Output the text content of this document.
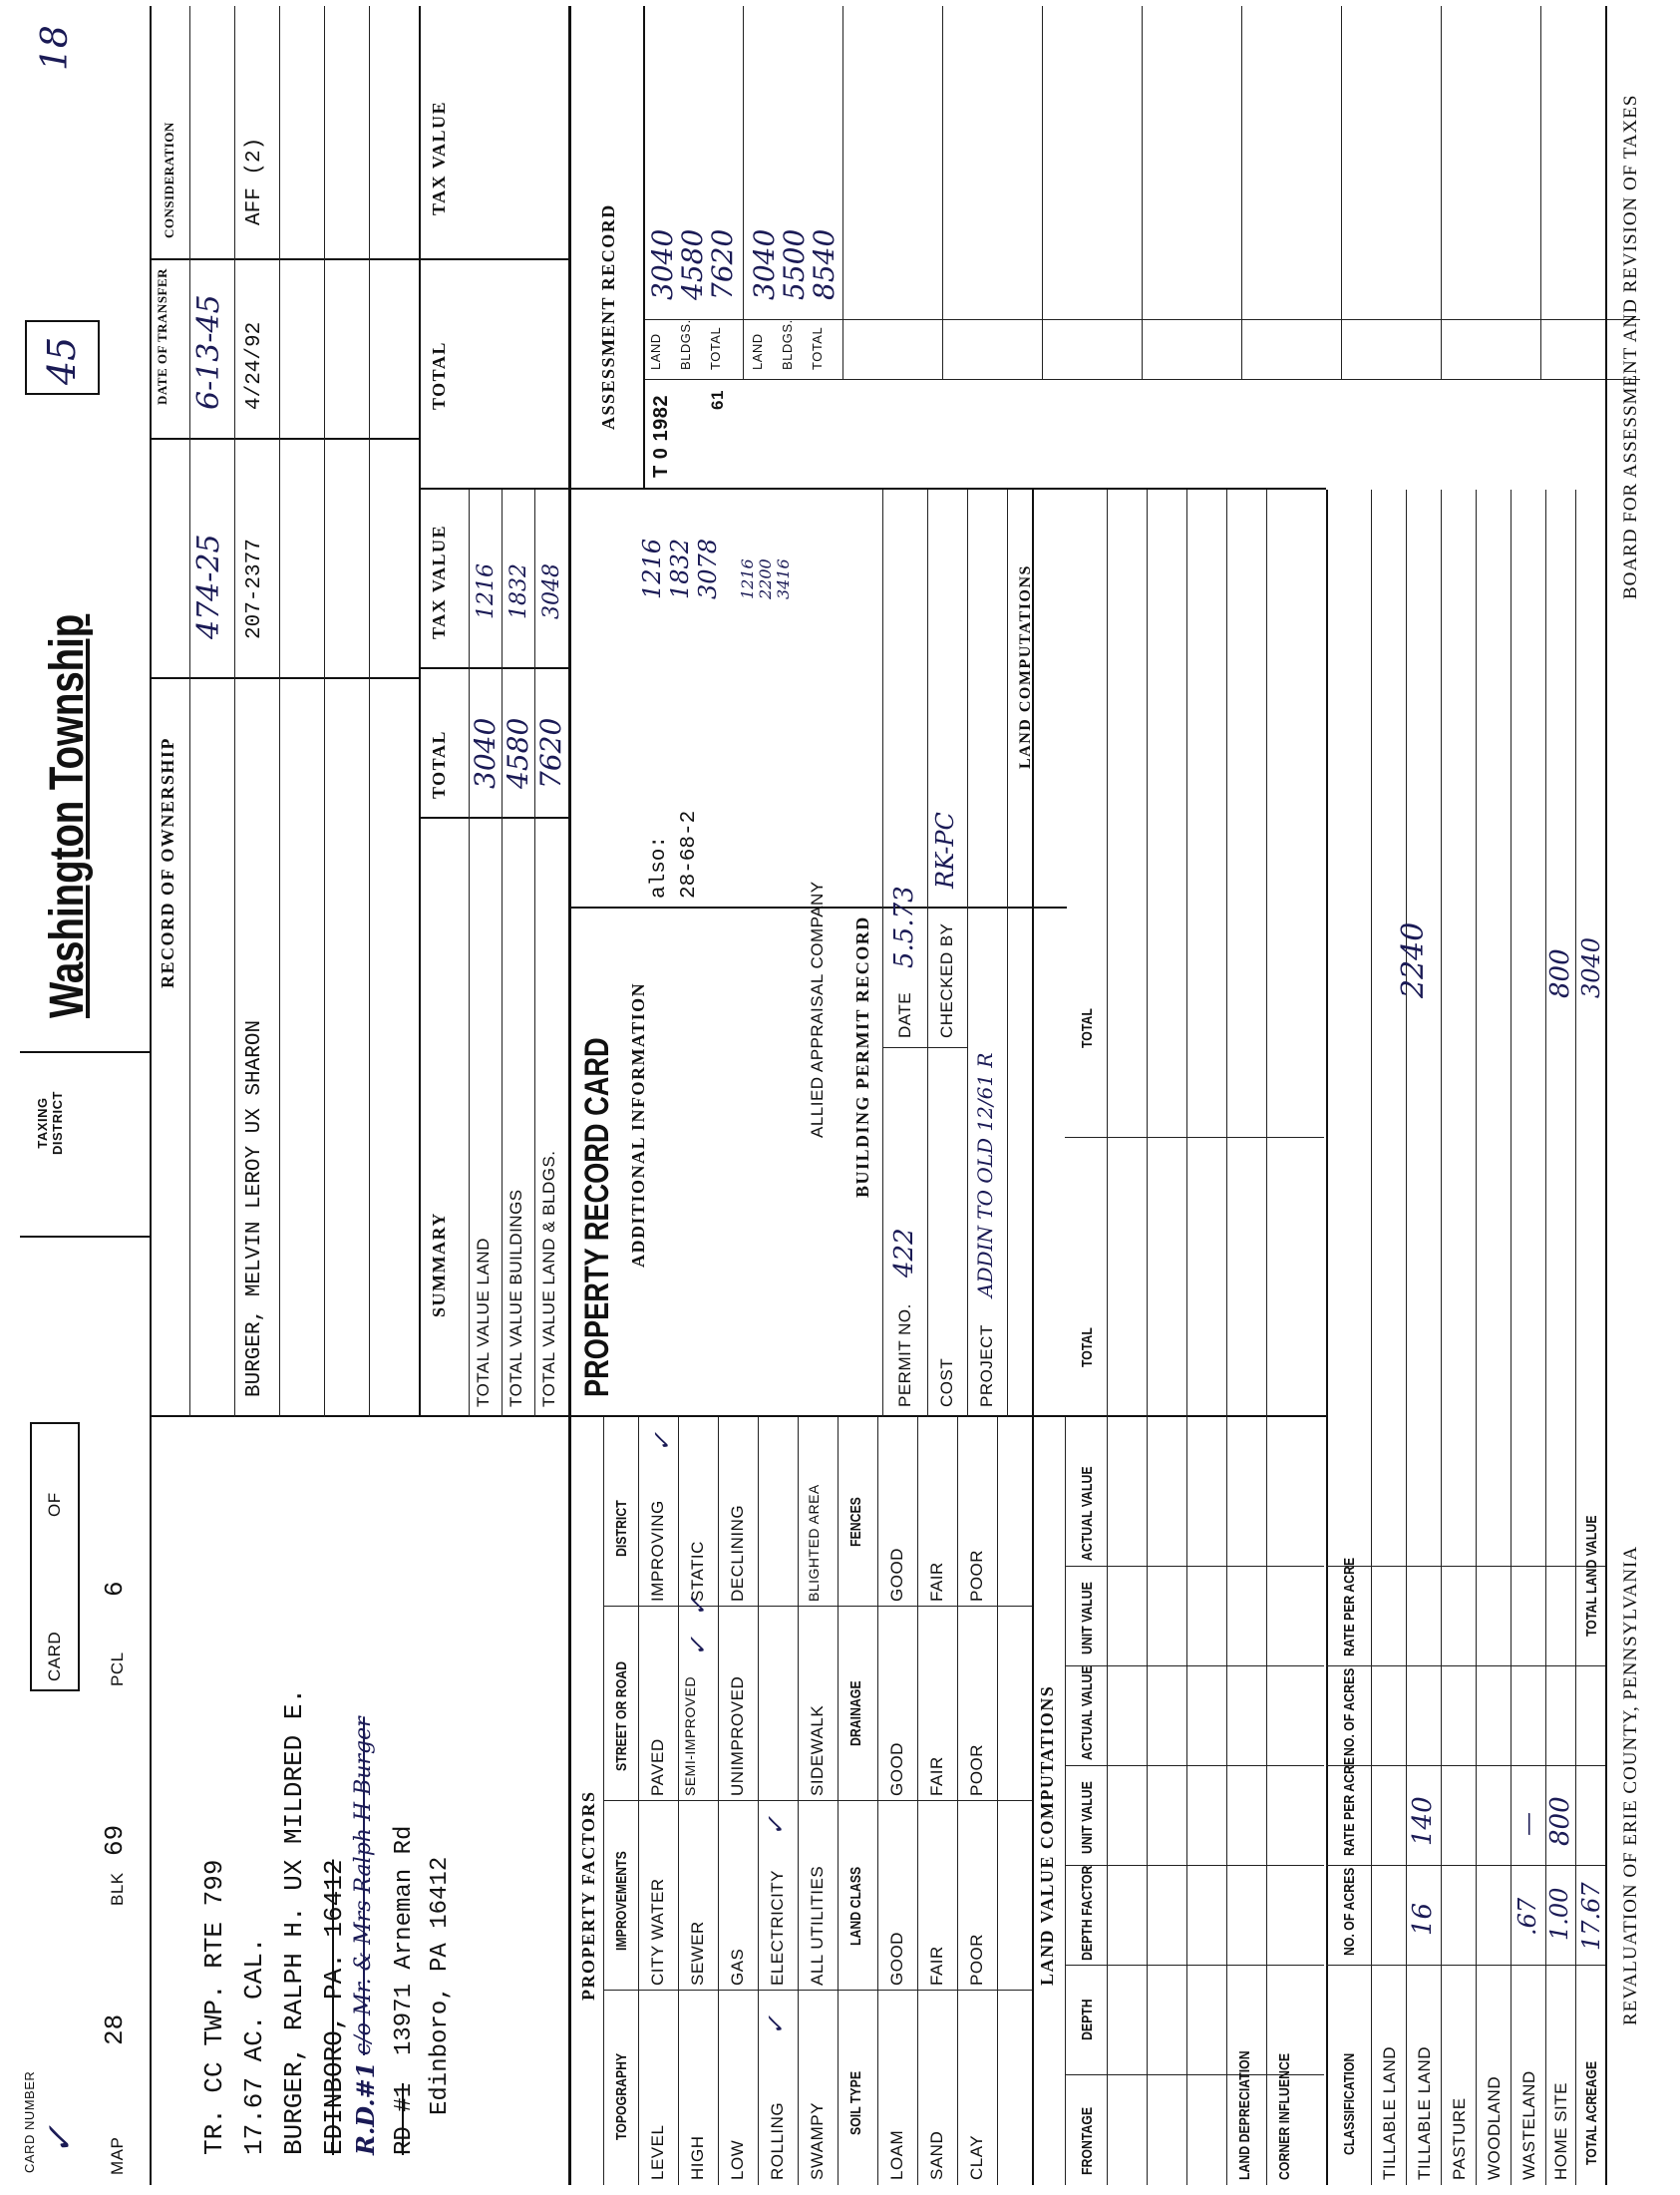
CARD NUMBER ✓ MAP
28
BLK
69
PCL
6
CARD
OF
TAXING DISTRICT
Washington Township
45
18
TR. CC TWP. RTE 799 17.67 AC. CAL. BURGER, RALPH H. UX MILDRED E. EDINBORO, PA. 16412 R.D.#1
c/o Mr. & Mrs Ralph H Burger
RD #1
13971 Arneman Rd Edinboro, PA 16412
RECORD OF OWNERSHIP
DATE OF TRANSFER
CONSIDERATION
474-25
6-13-45
BURGER, MELVIN LEROY UX SHARON
207-2377
4/24/92
AFF (2)
SUMMARY
TOTAL
TAX VALUE
TOTAL VALUE LAND TOTAL VALUE BUILDINGS TOTAL VALUE LAND & BLDGS.
3040 4580 7620
1216 1832 3048
TOTAL
TAX VALUE
PROPERTY FACTORS
TOPOGRAPHY
IMPROVEMENTS
STREET OR ROAD
DISTRICT
LEVEL
CITY WATER
PAVED
IMPROVING
HIGH
SEWER
SEMI-IMPROVED
STATIC
✓
✓
✓
LOW
GAS
UNIMPROVED
DECLINING
ROLLING
ELECTRICITY
✓
✓
SWAMPY
ALL UTILITIES
SIDEWALK
BLIGHTED AREA
SOIL TYPE
LAND CLASS
DRAINAGE
FENCES
LOAM
GOOD
GOOD
GOOD
SAND
FAIR
FAIR
FAIR
CLAY
POOR
POOR
POOR
PROPERTY RECORD CARD ADDITIONAL INFORMATION
also: 28-68-2
1216 1832 3078 1216 2200 3416
ALLIED APPRAISAL COMPANY BUILDING PERMIT RECORD
PERMIT NO.
422
DATE
5.5.73
COST
CHECKED BY
RK-PC
PROJECT
ADDIN TO OLD 12/61 R
LAND COMPUTATIONS
ASSESSMENT RECORD LAND BLDGS. TOTAL
61
3040
4580
7620
T 0 1982
LAND BLDGS. TOTAL
3040
5500
8540
LAND VALUE COMPUTATIONS
FRONTAGE
DEPTH
DEPTH FACTOR
UNIT VALUE
ACTUAL VALUE
UNIT VALUE
ACTUAL VALUE
TOTAL
TOTAL
LAND DEPRECIATION CORNER INFLUENCE	CLASSIFICATION
NO. OF ACRES
RATE PER ACRE
NO. OF ACRES
RATE PER ACRE
TILLABLE LAND TILLABLE LAND
16
140
2240
PASTURE WOODLAND WASTELAND
.67
—
HOME SITE
1.00
800
800
TOTAL ACREAGE
17.67
TOTAL LAND VALUE
3040
REVALUATION OF ERIE COUNTY, PENNSYLVANIA
BOARD FOR ASSESSMENT AND REVISION OF TAXES
